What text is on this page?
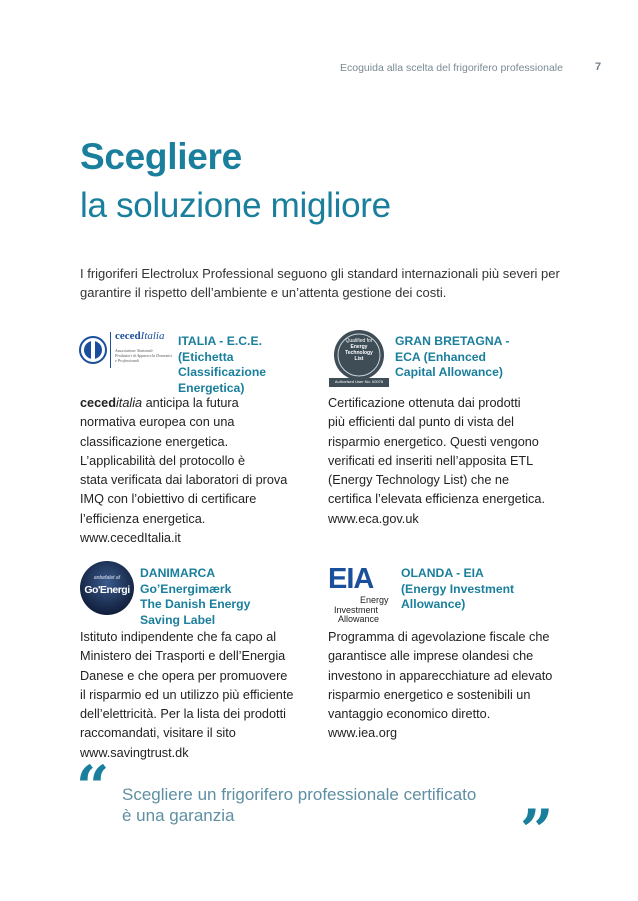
Ecoguida alla scelta del frigorifero professionale	7
Scegliere
la soluzione migliore
I frigoriferi Electrolux Professional seguono gli standard internazionali più severi per garantire il rispetto dell’ambiente e un’attenta gestione dei costi.
cecedItalia
Associazione Nazionale
Produttori di Apparecchi Domestici
e Professionali
ITALIA - E.C.E.
(Etichetta
Classificazione
Energetica)
ceceditalia anticipa la futura
normativa europea con una
classificazione energetica.
L’applicabilità del protocollo è
stata verificata dai laboratori di prova
IMQ con l’obiettivo di certificare
l’efficienza energetica.
www.cecedItalia.it
Qualified for
Energy
Technology
List
Authorised User No: 00078
GRAN BRETAGNA -
ECA (Enhanced
Capital Allowance)
Certificazione ottenuta dai prodotti
più efficienti dal punto di vista del
risparmio energetico. Questi vengono
verificati ed inseriti nell’apposita ETL
(Energy Technology List) che ne
certifica l’elevata efficienza energetica.
www.eca.gov.uk
anbefalet af
Go'Energi
DANIMARCA
Go’Energimærk
The Danish Energy
Saving Label
Istituto indipendente che fa capo al
Ministero dei Trasporti e dell’Energia
Danese e che opera per promuovere
il risparmio ed un utilizzo più efficiente
dell’elettricità. Per la lista dei prodotti
raccomandati, visitare il sito
www.savingtrust.dk
EIA
Energy
Investment
Allowance
OLANDA - EIA
(Energy Investment
Allowance)
Programma di agevolazione fiscale che
garantisce alle imprese olandesi che
investono in apparecchiature ad elevato
risparmio energetico e sostenibili un
vantaggio economico diretto.
www.iea.org
“ Scegliere un frigorifero professionale certificato
è una garanzia	”
